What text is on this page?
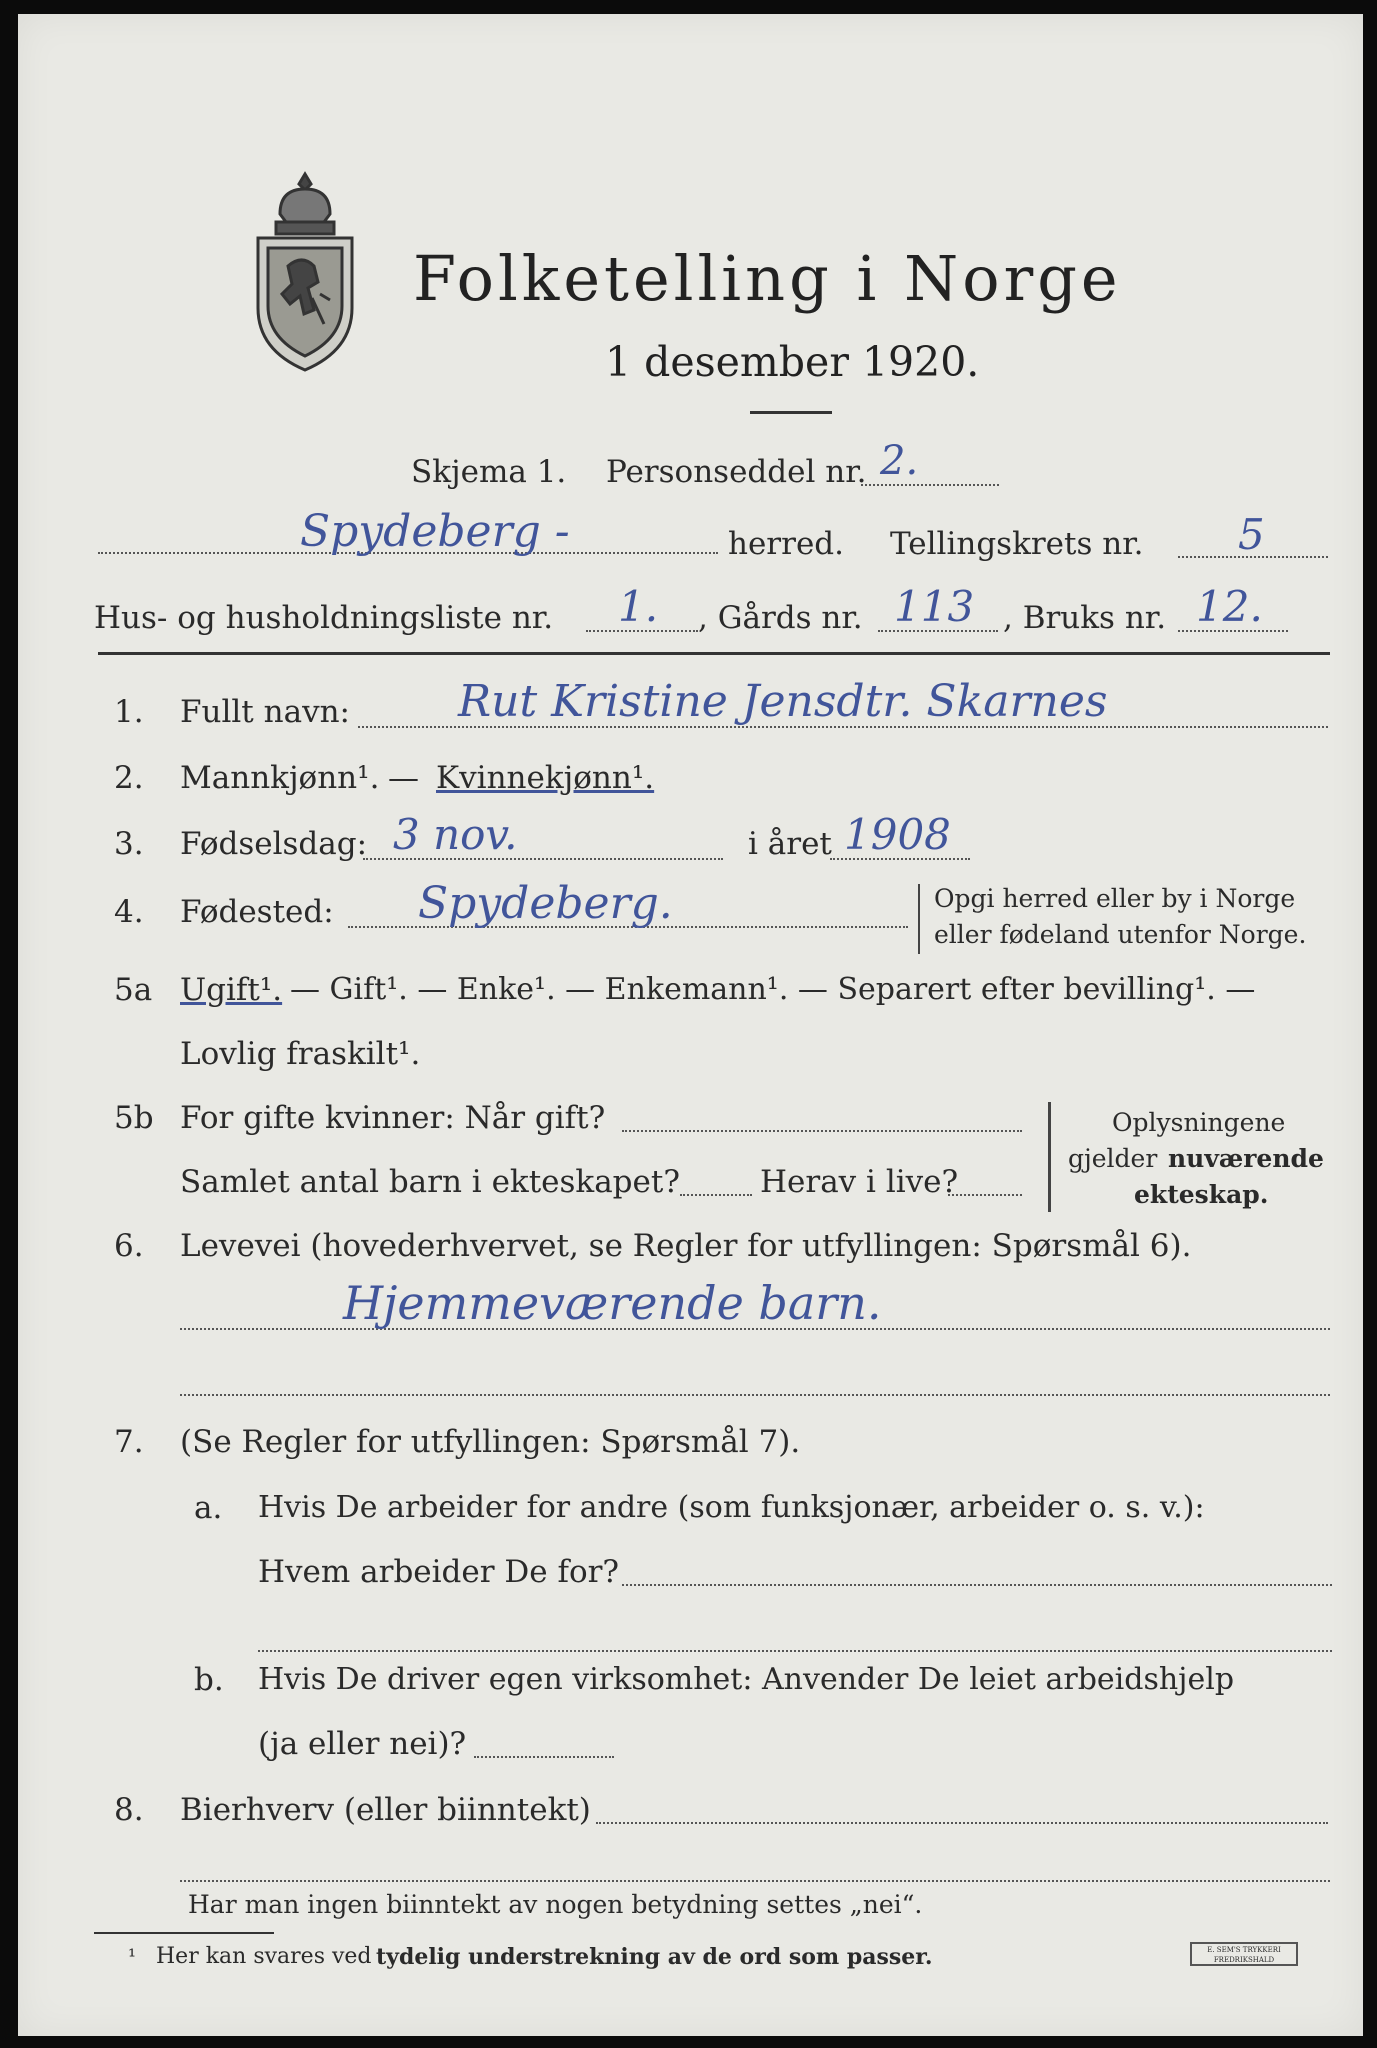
Folketelling i Norge
1 desember 1920.
Skjema 1. Personseddel nr. 2.
Spydeberg -	herred. Tellingskrets nr. 5
Hus- og husholdningsliste nr. 1. , Gårds nr. 113 , Bruks nr. 12.
1. Fullt navn: Rut Kristine Jensdtr. Skarnes
2. Mannkjønn¹. — Kvinnekjønn¹.
3. Fødselsdag: 3 nov.	i året 1908
4. Fødested: Spydeberg.	Opgi herred eller by i Norge
eller fødeland utenfor Norge.
5a Ugift¹. — Gift¹. — Enke¹. — Enkemann¹. — Separert efter bevilling¹. —
Lovlig fraskilt¹.
5b For gifte kvinner: Når gift?
Samlet antal barn i ekteskapet?	Herav i live?
Oplysningene
gjelder nuværende
ekteskap.
6. Levevei (hovederhvervet, se Regler for utfyllingen: Spørsmål 6).
Hjemmeværende barn.
7. (Se Regler for utfyllingen: Spørsmål 7).
a. Hvis De arbeider for andre (som funksjonær, arbeider o. s. v.):
Hvem arbeider De for?
b. Hvis De driver egen virksomhet: Anvender De leiet arbeidshjelp
(ja eller nei)?
8. Bierhverv (eller biinntekt)
Har man ingen biinntekt av nogen betydning settes „nei“.
¹ Her kan svares ved tydelig understrekning av de ord som passer.	E. SEM'S TRYKKERI FREDRIKSHALD
